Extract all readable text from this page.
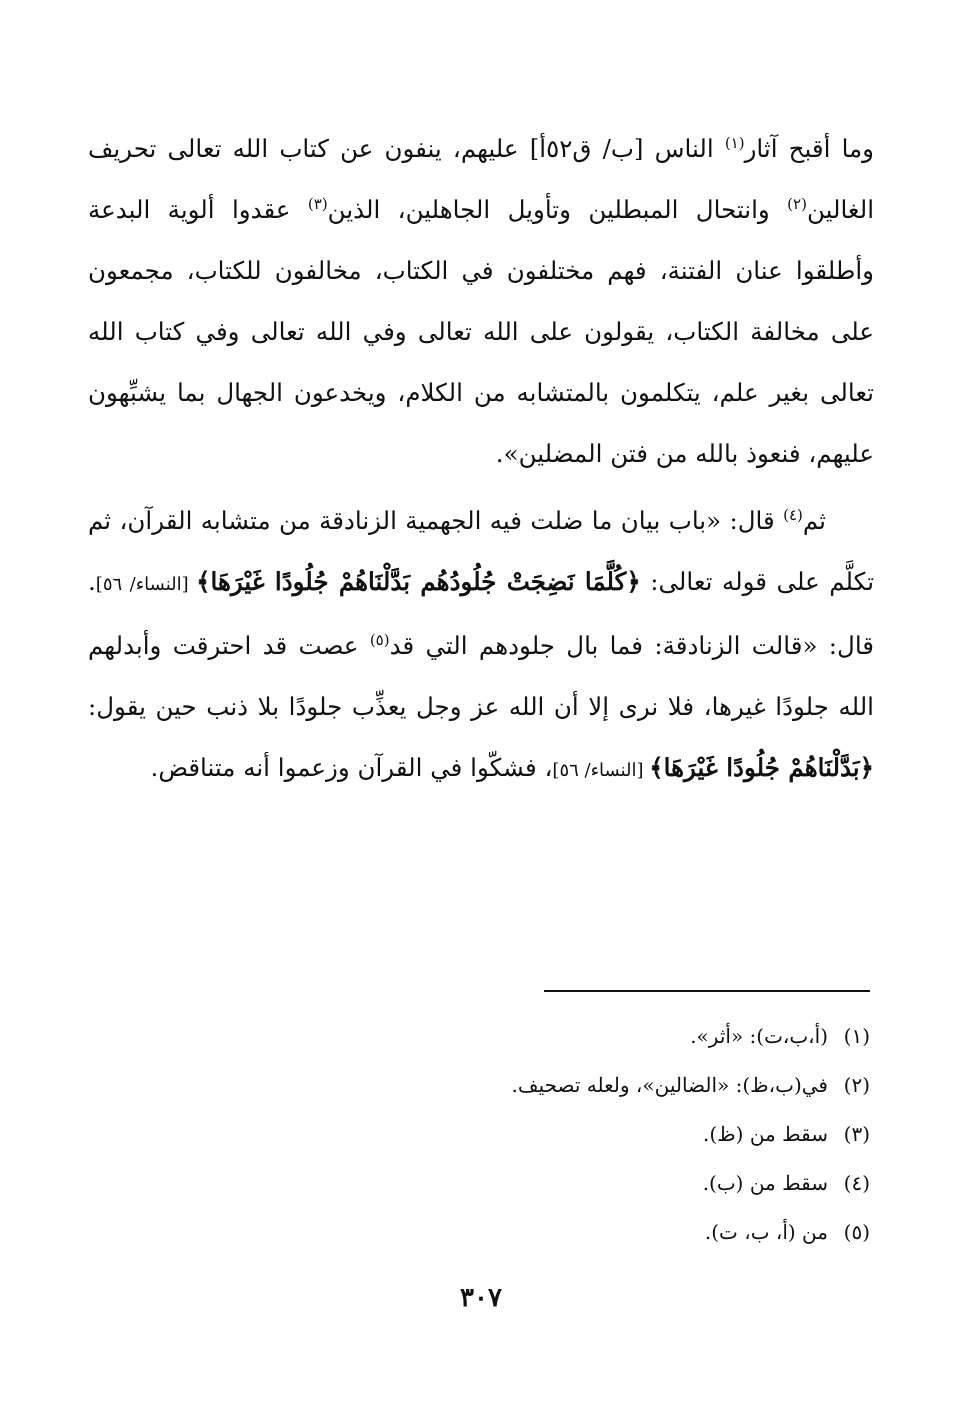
وما أقبح آثار$^{(١)}$ الناس [ب/ ق٥٢أ] عليهم، ينفون عن كتاب الله تعالى تحريف الغالين$^{(٢)}$ وانتحال المبطلين وتأويل الجاهلين، الذين$^{(٣)}$ عقدوا ألوية البدعة وأطلقوا عنان الفتنة، فهم مختلفون في الكتاب، مخالفون للكتاب، مجمعون على مخالفة الكتاب، يقولون على الله تعالى وفي الله تعالى وفي كتاب الله تعالى بغير علم، يتكلمون بالمتشابه من الكلام، ويخدعون الجهال بما يشبِّهون عليهم، فنعوذ بالله من فتن المضلين».

ثم$^{(٤)}$ قال: «باب بيان ما ضلت فيه الجهمية الزنادقة من متشابه القرآن، ثم تكلَّم على قوله تعالى: ﴿كُلَّمَا نَضِجَتْ جُلُودُهُم بَدَّلْنَاهُمْ جُلُودًا غَيْرَهَا﴾ [النساء/ ٥٦]. قال: «قالت الزنادقة: فما بال جلودهم التي قد$^{(٥)}$ عصت قد احترقت وأبدلهم الله جلودًا غيرها، فلا نرى إلا أن الله عز وجل يعذِّب جلودًا بلا ذنب حين يقول: ﴿بَدَّلْنَاهُمْ جُلُودًا غَيْرَهَا﴾ [النساء/ ٥٦]، فشكّوا في القرآن وزعموا أنه متناقض.

(١)(أ،ب،ت): «أثر».

(٢)في(ب،ظ): «الضالين»، ولعله تصحيف.

(٣)سقط من (ظ).

(٤)سقط من (ب).

(٥)من (أ، ب، ت).

٣٠٧
